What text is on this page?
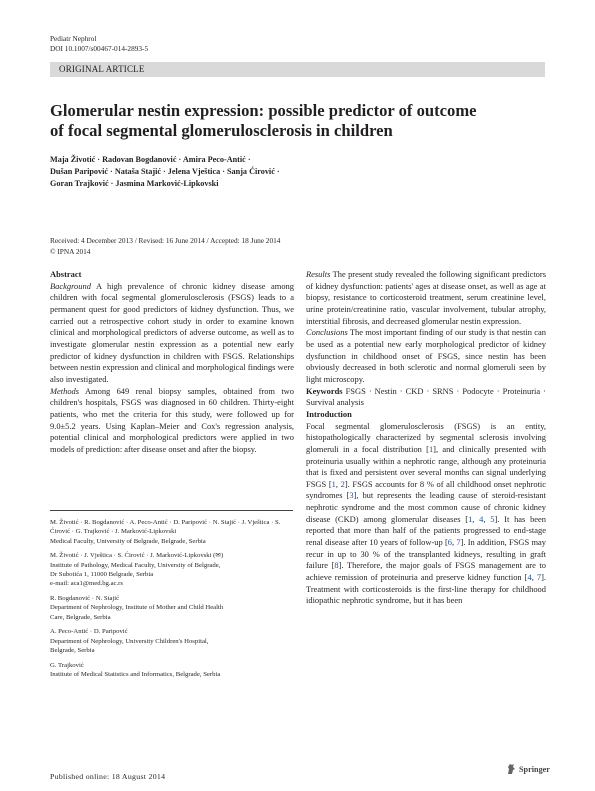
Pediatr Nephrol
DOI 10.1007/s00467-014-2893-5
ORIGINAL ARTICLE
Glomerular nestin expression: possible predictor of outcome
of focal segmental glomerulosclerosis in children
Maja Životić · Radovan Bogdanović · Amira Peco-Antić ·
Dušan Paripović · Nataša Stajić · Jelena Vještica · Sanja Ćirović ·
Goran Trajković · Jasmina Marković-Lipkovski
Received: 4 December 2013 / Revised: 16 June 2014 / Accepted: 18 June 2014
© IPNA 2014

Abstract

Background A high prevalence of chronic kidney disease among children with focal segmental glomerulosclerosis (FSGS) leads to a permanent quest for good predictors of kidney dysfunction. Thus, we carried out a retrospective cohort study in order to examine known clinical and morphological predictors of adverse outcome, as well as to investigate glomerular nestin expression as a potential new early predictor of kidney dysfunction in children with FSGS. Relationships between nestin expression and clinical and morphological findings were also investigated.

Methods Among 649 renal biopsy samples, obtained from two children's hospitals, FSGS was diagnosed in 60 children. Thirty-eight patients, who met the criteria for this study, were followed up for 9.0±5.2 years. Using Kaplan–Meier and Cox's regression analysis, potential clinical and morphological predictors were applied in two models of prediction: after disease onset and after the biopsy.

M. Životić · R. Bogdanović · A. Peco-Antić · D. Paripović · N. Stajić · J. Vještica · S. Ćirović · G. Trajković · J. Marković-Lipkovski
Medical Faculty, University of Belgrade, Belgrade, Serbia
M. Životić · J. Vještica · S. Ćirović · J. Marković-Lipkovski (✉)
Institute of Pathology, Medical Faculty, University of Belgrade,
Dr Subotića 1, 11000 Belgrade, Serbia
e-mail: aca1@med.bg.ac.rs
R. Bogdanović · N. Stajić
Department of Nephrology, Institute of Mother and Child Health
Care, Belgrade, Serbia
A. Peco-Antić · D. Paripović
Department of Nephrology, University Children's Hospital,
Belgrade, Serbia
G. Trajković
Institute of Medical Statistics and Informatics, Belgrade, Serbia

Results The present study revealed the following significant predictors of kidney dysfunction: patients' ages at disease onset, as well as age at biopsy, resistance to corticosteroid treatment, serum creatinine level, urine protein/creatinine ratio, vascular involvement, tubular atrophy, interstitial fibrosis, and decreased glomerular nestin expression.

Conclusions The most important finding of our study is that nestin can be used as a potential new early morphological predictor of kidney dysfunction in childhood onset of FSGS, since nestin has been obviously decreased in both sclerotic and normal glomeruli seen by light microscopy.

Keywords FSGS · Nestin · CKD · SRNS · Podocyte · Proteinuria · Survival analysis

Introduction

Focal segmental glomerulosclerosis (FSGS) is an entity, histopathologically characterized by segmental sclerosis involving glomeruli in a focal distribution [1], and clinically presented with proteinuria usually within a nephrotic range, although any proteinuria that is fixed and persistent over several months can signal underlying FSGS [1, 2]. FSGS accounts for 8 % of all childhood onset nephrotic syndromes [3], but represents the leading cause of steroid-resistant nephrotic syndrome and the most common cause of chronic kidney disease (CKD) among glomerular diseases [1, 4, 5]. It has been reported that more than half of the patients progressed to end-stage renal disease after 10 years of follow-up [6, 7]. In addition, FSGS may recur in up to 30 % of the transplanted kidneys, resulting in graft failure [8]. Therefore, the major goals of FSGS management are to achieve remission of proteinuria and preserve kidney function [4, 7]. Treatment with corticosteroids is the first-line therapy for childhood idiopathic nephrotic syndrome, but it has been

Published online: 18 August 2014
Springer
